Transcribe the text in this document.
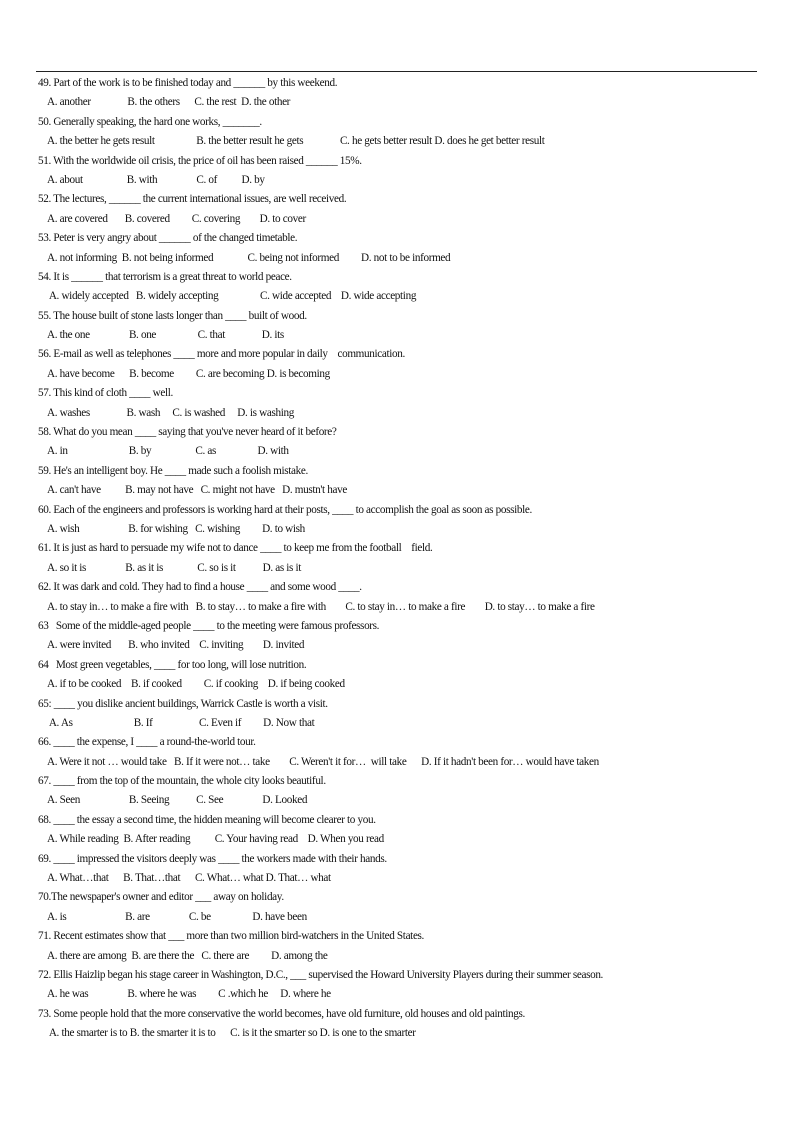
49. Part of the work is to be finished today and ______ by this weekend.
A. another               B. the others      C. the rest  D. the other
50. Generally speaking, the hard one works, _______.
A. the better he gets result                 B. the better result he gets               C. he gets better result D. does he get better result
51. With the worldwide oil crisis, the price of oil has been raised ______ 15%.
A. about                  B. with                C. of          D. by
52. The lectures, ______ the current international issues, are well received.
A. are covered       B. covered         C. covering        D. to cover
53. Peter is very angry about ______ of the changed timetable.
A. not informing  B. not being informed              C. being not informed         D. not to be informed
54. It is ______ that terrorism is a great threat to world peace.
A. widely accepted   B. widely accepting                 C. wide accepted    D. wide accepting
55. The house built of stone lasts longer than ____ built of wood.
A. the one                B. one                 C. that               D. its
56. E-mail as well as telephones ____ more and more popular in daily    communication.
A. have become      B. become         C. are becoming D. is becoming
57. This kind of cloth ____ well.
A. washes               B. wash     C. is washed     D. is washing
58. What do you mean ____ saying that you've never heard of it before?
A. in                         B. by                  C. as                 D. with
59. He's an intelligent boy. He ____ made such a foolish mistake.
A. can't have          B. may not have   C. might not have   D. mustn't have
60. Each of the engineers and professors is working hard at their posts, ____ to accomplish the goal as soon as possible.
A. wish                    B. for wishing   C. wishing         D. to wish
61. It is just as hard to persuade my wife not to dance ____ to keep me from the football    field.
A. so it is                B. as it is              C. so is it           D. as is it
62. It was dark and cold. They had to find a house ____ and some wood ____.
A. to stay in… to make a fire with   B. to stay… to make a fire with        C. to stay in… to make a fire        D. to stay… to make a fire
63   Some of the middle-aged people ____ to the meeting were famous professors.
A. were invited       B. who invited    C. inviting        D. invited
64   Most green vegetables, ____ for too long, will lose nutrition.
A. if to be cooked    B. if cooked         C. if cooking    D. if being cooked
65: ____ you dislike ancient buildings, Warrick Castle is worth a visit.
A. As                         B. If                   C. Even if         D. Now that
66. ____ the expense, I ____ a round-the-world tour.
A. Were it not … would take   B. If it were not… take        C. Weren't it for…  will take      D. If it hadn't been for… would have taken
67. ____ from the top of the mountain, the whole city looks beautiful.
A. Seen                    B. Seeing           C. See                D. Looked
68. ____ the essay a second time, the hidden meaning will become clearer to you.
A. While reading  B. After reading          C. Your having read    D. When you read
69. ____ impressed the visitors deeply was ____ the workers made with their hands.
A. What…that      B. That…that      C. What… what D. That… what
70.The newspaper's owner and editor ___ away on holiday.
A. is                        B. are                C. be                 D. have been
71. Recent estimates show that ___ more than two million bird-watchers in the United States.
A. there are among  B. are there the   C. there are         D. among the
72. Ellis Haizlip began his stage career in Washington, D.C., ___ supervised the Howard University Players during their summer season.
A. he was                B. where he was         C .which he     D. where he
73. Some people hold that the more conservative the world becomes, have old furniture, old houses and old paintings.
A. the smarter is to B. the smarter it is to      C. is it the smarter so D. is one to the smarter
